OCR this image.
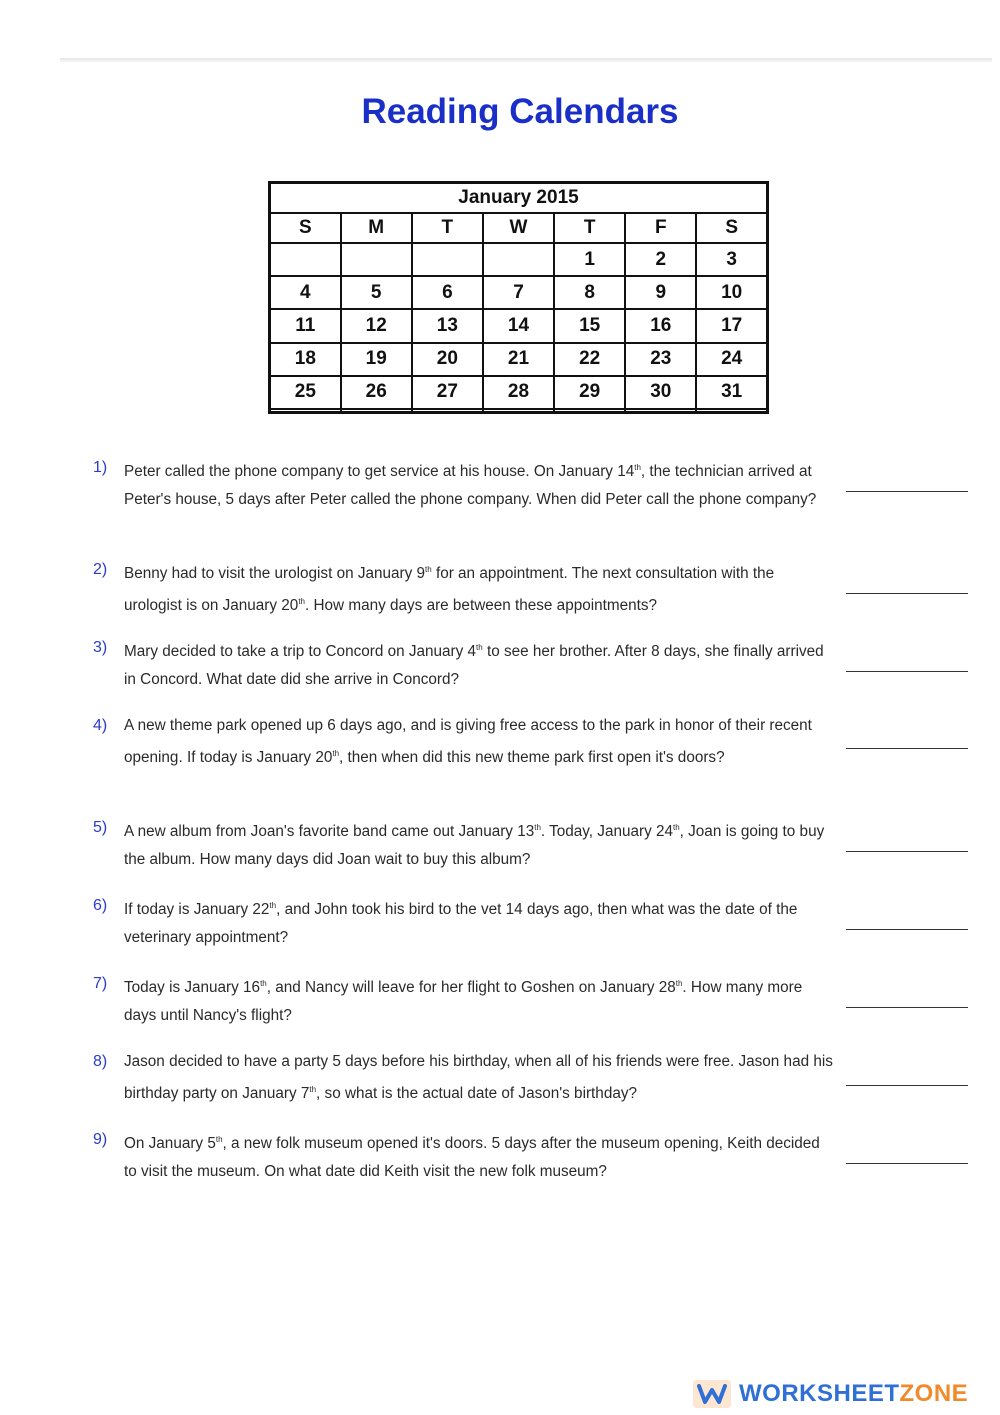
Reading Calendars
January 2015						
S	M	T	W	T	F	S
				1	2	3
4	5	6	7	8	9	10
11	12	13	14	15	16	17
18	19	20	21	22	23	24
25	26	27	28	29	30	31

1) Peter called the phone company to get service at his house. On January 14th, the technician arrived at Peter's house, 5 days after Peter called the phone company. When did Peter call the phone company?
2) Benny had to visit the urologist on January 9th for an appointment. The next consultation with the urologist is on January 20th. How many days are between these appointments?
3) Mary decided to take a trip to Concord on January 4th to see her brother. After 8 days, she finally arrived in Concord. What date did she arrive in Concord?
4) A new theme park opened up 6 days ago, and is giving free access to the park in honor of their recent opening. If today is January 20th, then when did this new theme park first open it's doors?
5) A new album from Joan's favorite band came out January 13th. Today, January 24th, Joan is going to buy the album. How many days did Joan wait to buy this album?
6) If today is January 22th, and John took his bird to the vet 14 days ago, then what was the date of the veterinary appointment?
7) Today is January 16th, and Nancy will leave for her flight to Goshen on January 28th. How many more days until Nancy's flight?
8) Jason decided to have a party 5 days before his birthday, when all of his friends were free. Jason had his birthday party on January 7th, so what is the actual date of Jason's birthday?
9) On January 5th, a new folk museum opened it's doors. 5 days after the museum opening, Keith decided to visit the museum. On what date did Keith visit the new folk museum?
WORKSHEETZONE
